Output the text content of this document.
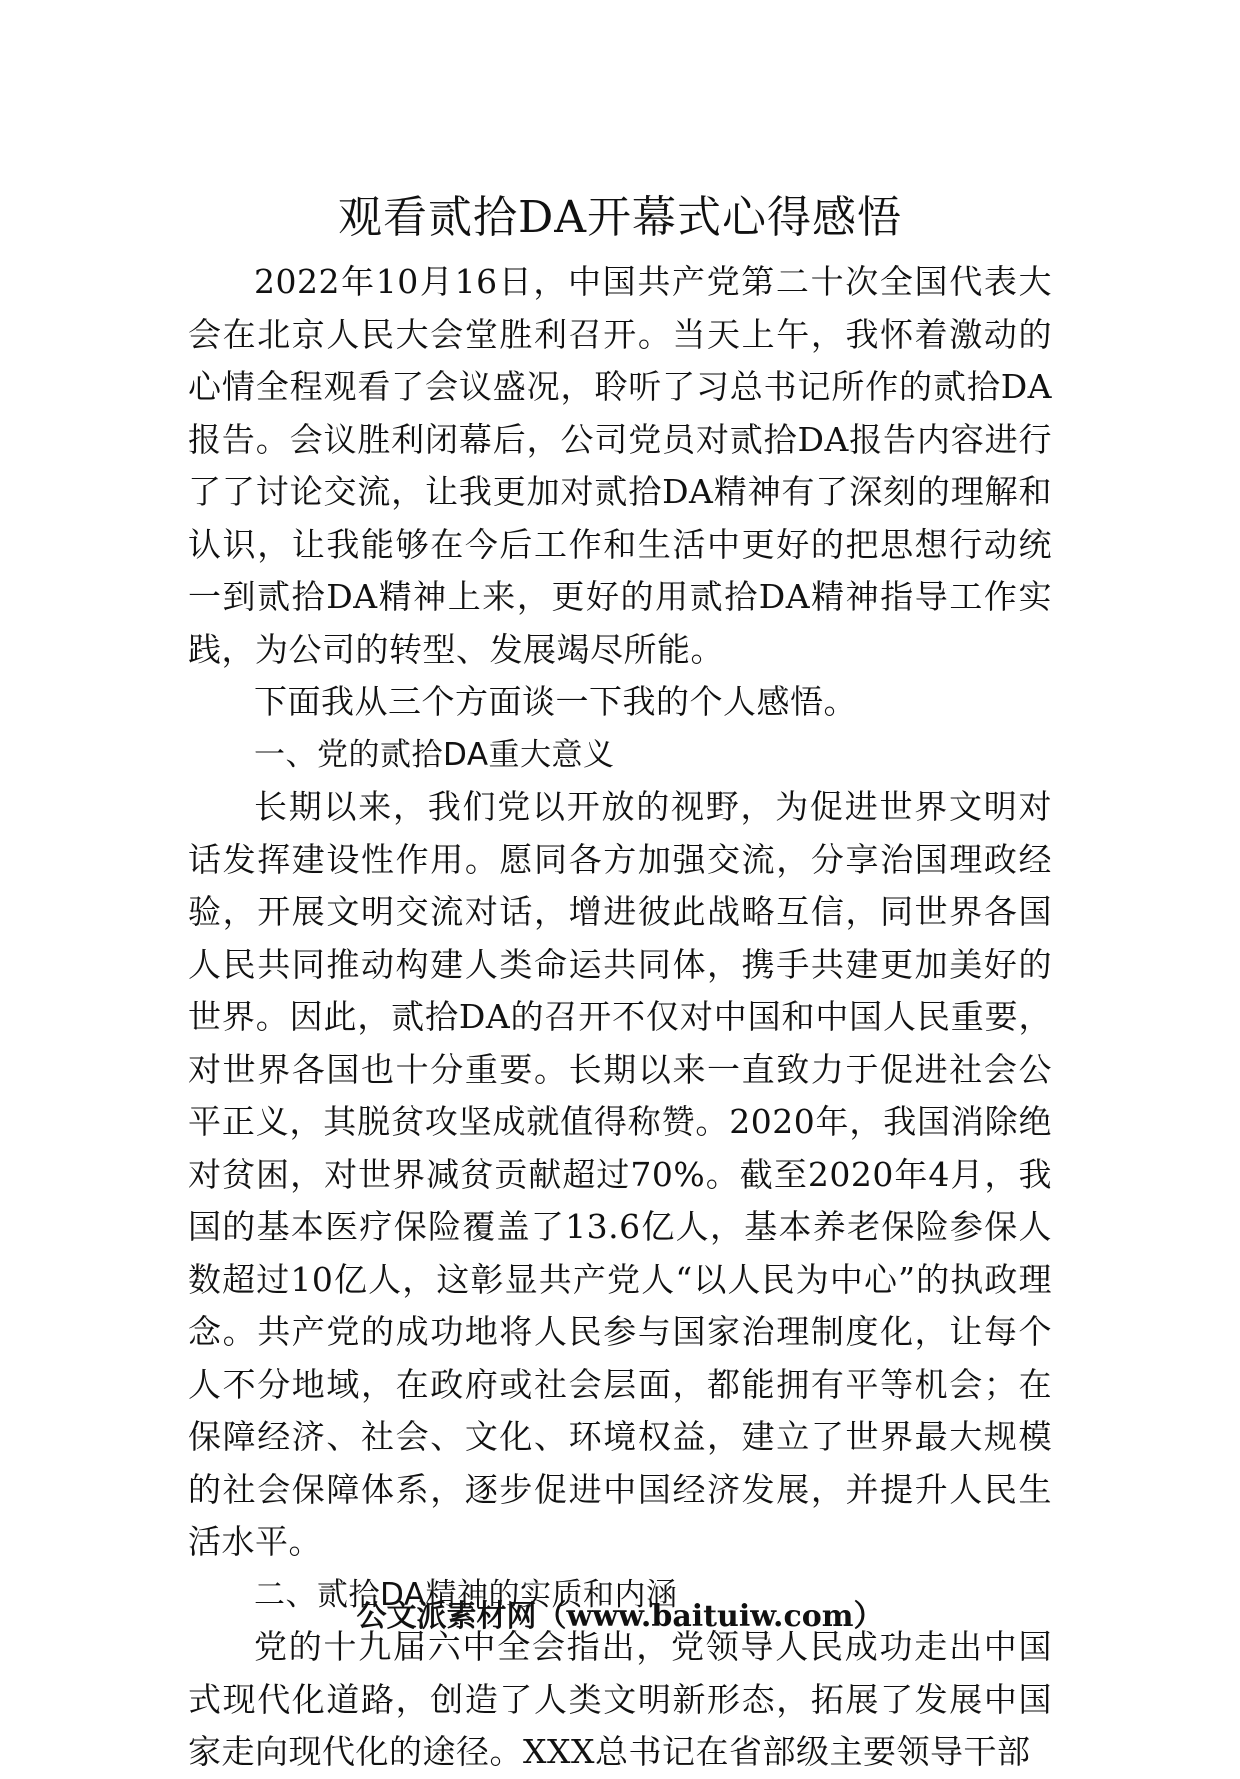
观看贰拾DA开幕式心得感悟

2022年10月16日，中国共产党第二十次全国代表大会在北京人民大会堂胜利召开。当天上午，我怀着激动的心情全程观看了会议盛况，聆听了习总书记所作的贰拾DA报告。会议胜利闭幕后，公司党员对贰拾DA报告内容进行了了讨论交流，让我更加对贰拾DA精神有了深刻的理解和认识，让我能够在今后工作和生活中更好的把思想行动统一到贰拾DA精神上来，更好的用贰拾DA精神指导工作实践，为公司的转型、发展竭尽所能。

下面我从三个方面谈一下我的个人感悟。

一、党的贰拾DA重大意义

长期以来，我们党以开放的视野，为促进世界文明对话发挥建设性作用。愿同各方加强交流，分享治国理政经验，开展文明交流对话，增进彼此战略互信，同世界各国人民共同推动构建人类命运共同体，携手共建更加美好的世界。因此，贰拾DA的召开不仅对中国和中国人民重要，对世界各国也十分重要。长期以来一直致力于促进社会公平正义，其脱贫攻坚成就值得称赞。2020年，我国消除绝对贫困，对世界减贫贡献超过70%。截至2020年4月，我国的基本医疗保险覆盖了13.6亿人，基本养老保险参保人数超过10亿人，这彰显共产党人“以人民为中心”的执政理念。共产党的成功地将人民参与国家治理制度化，让每个人不分地域，在政府或社会层面，都能拥有平等机会；在保障经济、社会、文化、环境权益，建立了世界最大规模的社会保障体系，逐步促进中国经济发展，并提升人民生活水平。

二、贰拾DA精神的实质和内涵

党的十九届六中全会指出，党领导人民成功走出中国式现代化道路，创造了人类文明新形态，拓展了发展中国家走向现代化的途径。XXX总书记在省部级主要领导干部

公文派素材网（www.baituiw.com）
